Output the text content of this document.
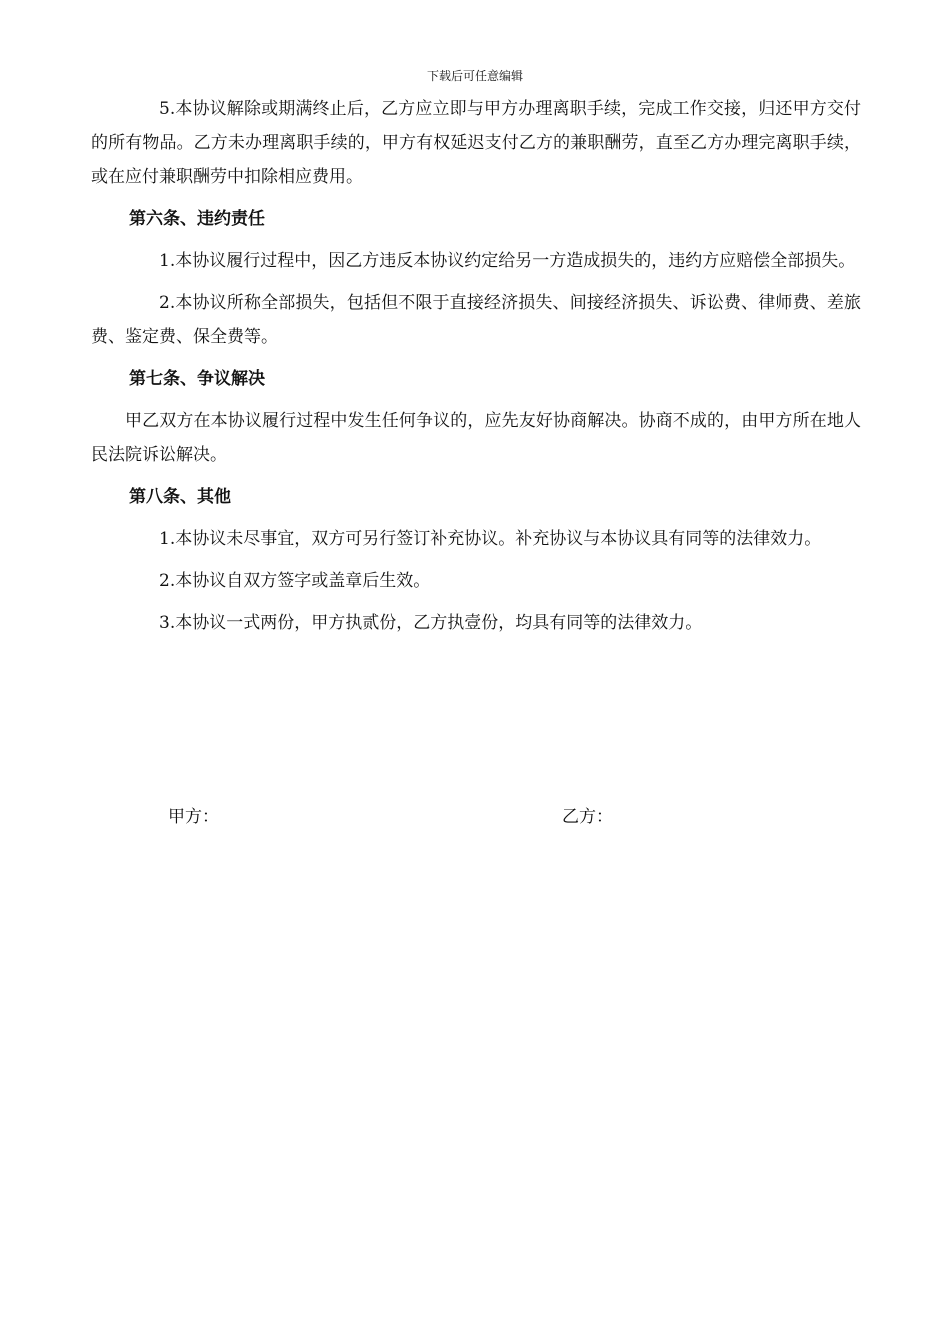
下载后可任意编辑

5.本协议解除或期满终止后，乙方应立即与甲方办理离职手续，完成工作交接，归还甲方交付的所有物品。乙方未办理离职手续的，甲方有权延迟支付乙方的兼职酬劳，直至乙方办理完离职手续，或在应付兼职酬劳中扣除相应费用。

第六条、违约责任

1.本协议履行过程中，因乙方违反本协议约定给另一方造成损失的，违约方应赔偿全部损失。

2.本协议所称全部损失，包括但不限于直接经济损失、间接经济损失、诉讼费、律师费、差旅费、鉴定费、保全费等。

第七条、争议解决

甲乙双方在本协议履行过程中发生任何争议的，应先友好协商解决。协商不成的，由甲方所在地人民法院诉讼解决。

第八条、其他

1.本协议未尽事宜，双方可另行签订补充协议。补充协议与本协议具有同等的法律效力。

2.本协议自双方签字或盖章后生效。

3.本协议一式两份，甲方执贰份，乙方执壹份，均具有同等的法律效力。

甲方：	乙方：
